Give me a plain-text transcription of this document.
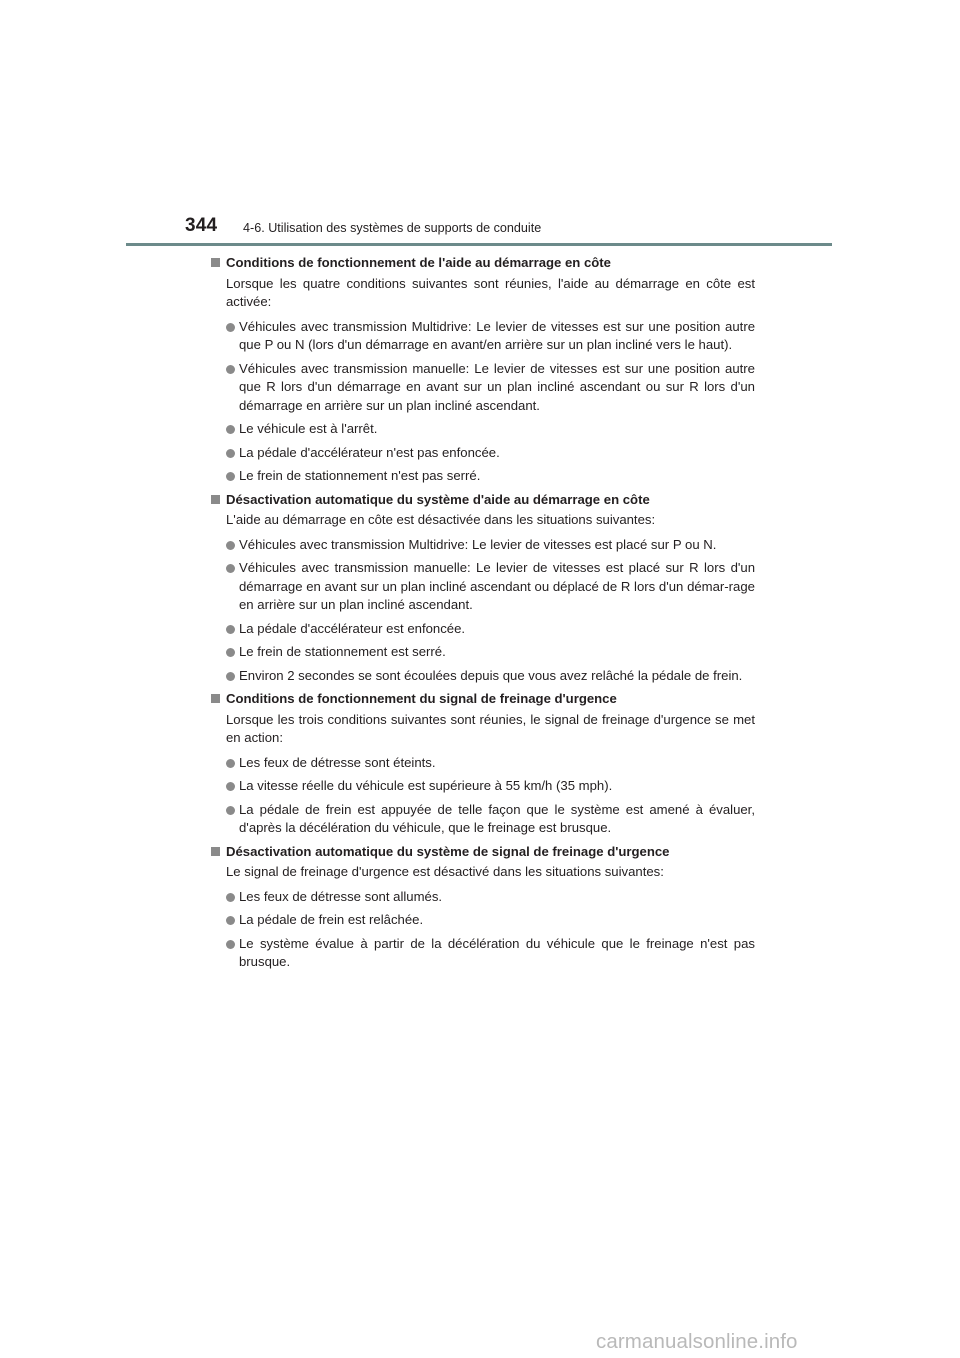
344 4-6. Utilisation des systèmes de supports de conduite
Conditions de fonctionnement de l'aide au démarrage en côte
Lorsque les quatre conditions suivantes sont réunies, l'aide au démarrage en côte est activée:
Véhicules avec transmission Multidrive: Le levier de vitesses est sur une position autre que P ou N (lors d'un démarrage en avant/en arrière sur un plan incliné vers le haut).
Véhicules avec transmission manuelle: Le levier de vitesses est sur une position autre que R lors d'un démarrage en avant sur un plan incliné ascendant ou sur R lors d'un démarrage en arrière sur un plan incliné ascendant.
Le véhicule est à l'arrêt.
La pédale d'accélérateur n'est pas enfoncée.
Le frein de stationnement n'est pas serré.
Désactivation automatique du système d'aide au démarrage en côte
L'aide au démarrage en côte est désactivée dans les situations suivantes:
Véhicules avec transmission Multidrive: Le levier de vitesses est placé sur P ou N.
Véhicules avec transmission manuelle: Le levier de vitesses est placé sur R lors d'un démarrage en avant sur un plan incliné ascendant ou déplacé de R lors d'un démar-rage en arrière sur un plan incliné ascendant.
La pédale d'accélérateur est enfoncée.
Le frein de stationnement est serré.
Environ 2 secondes se sont écoulées depuis que vous avez relâché la pédale de frein.
Conditions de fonctionnement du signal de freinage d'urgence
Lorsque les trois conditions suivantes sont réunies, le signal de freinage d'urgence se met en action:
Les feux de détresse sont éteints.
La vitesse réelle du véhicule est supérieure à 55 km/h (35 mph).
La pédale de frein est appuyée de telle façon que le système est amené à évaluer, d'après la décélération du véhicule, que le freinage est brusque.
Désactivation automatique du système de signal de freinage d'urgence
Le signal de freinage d'urgence est désactivé dans les situations suivantes:
Les feux de détresse sont allumés.
La pédale de frein est relâchée.
Le système évalue à partir de la décélération du véhicule que le freinage n'est pas brusque.
carmanualsonline.info
